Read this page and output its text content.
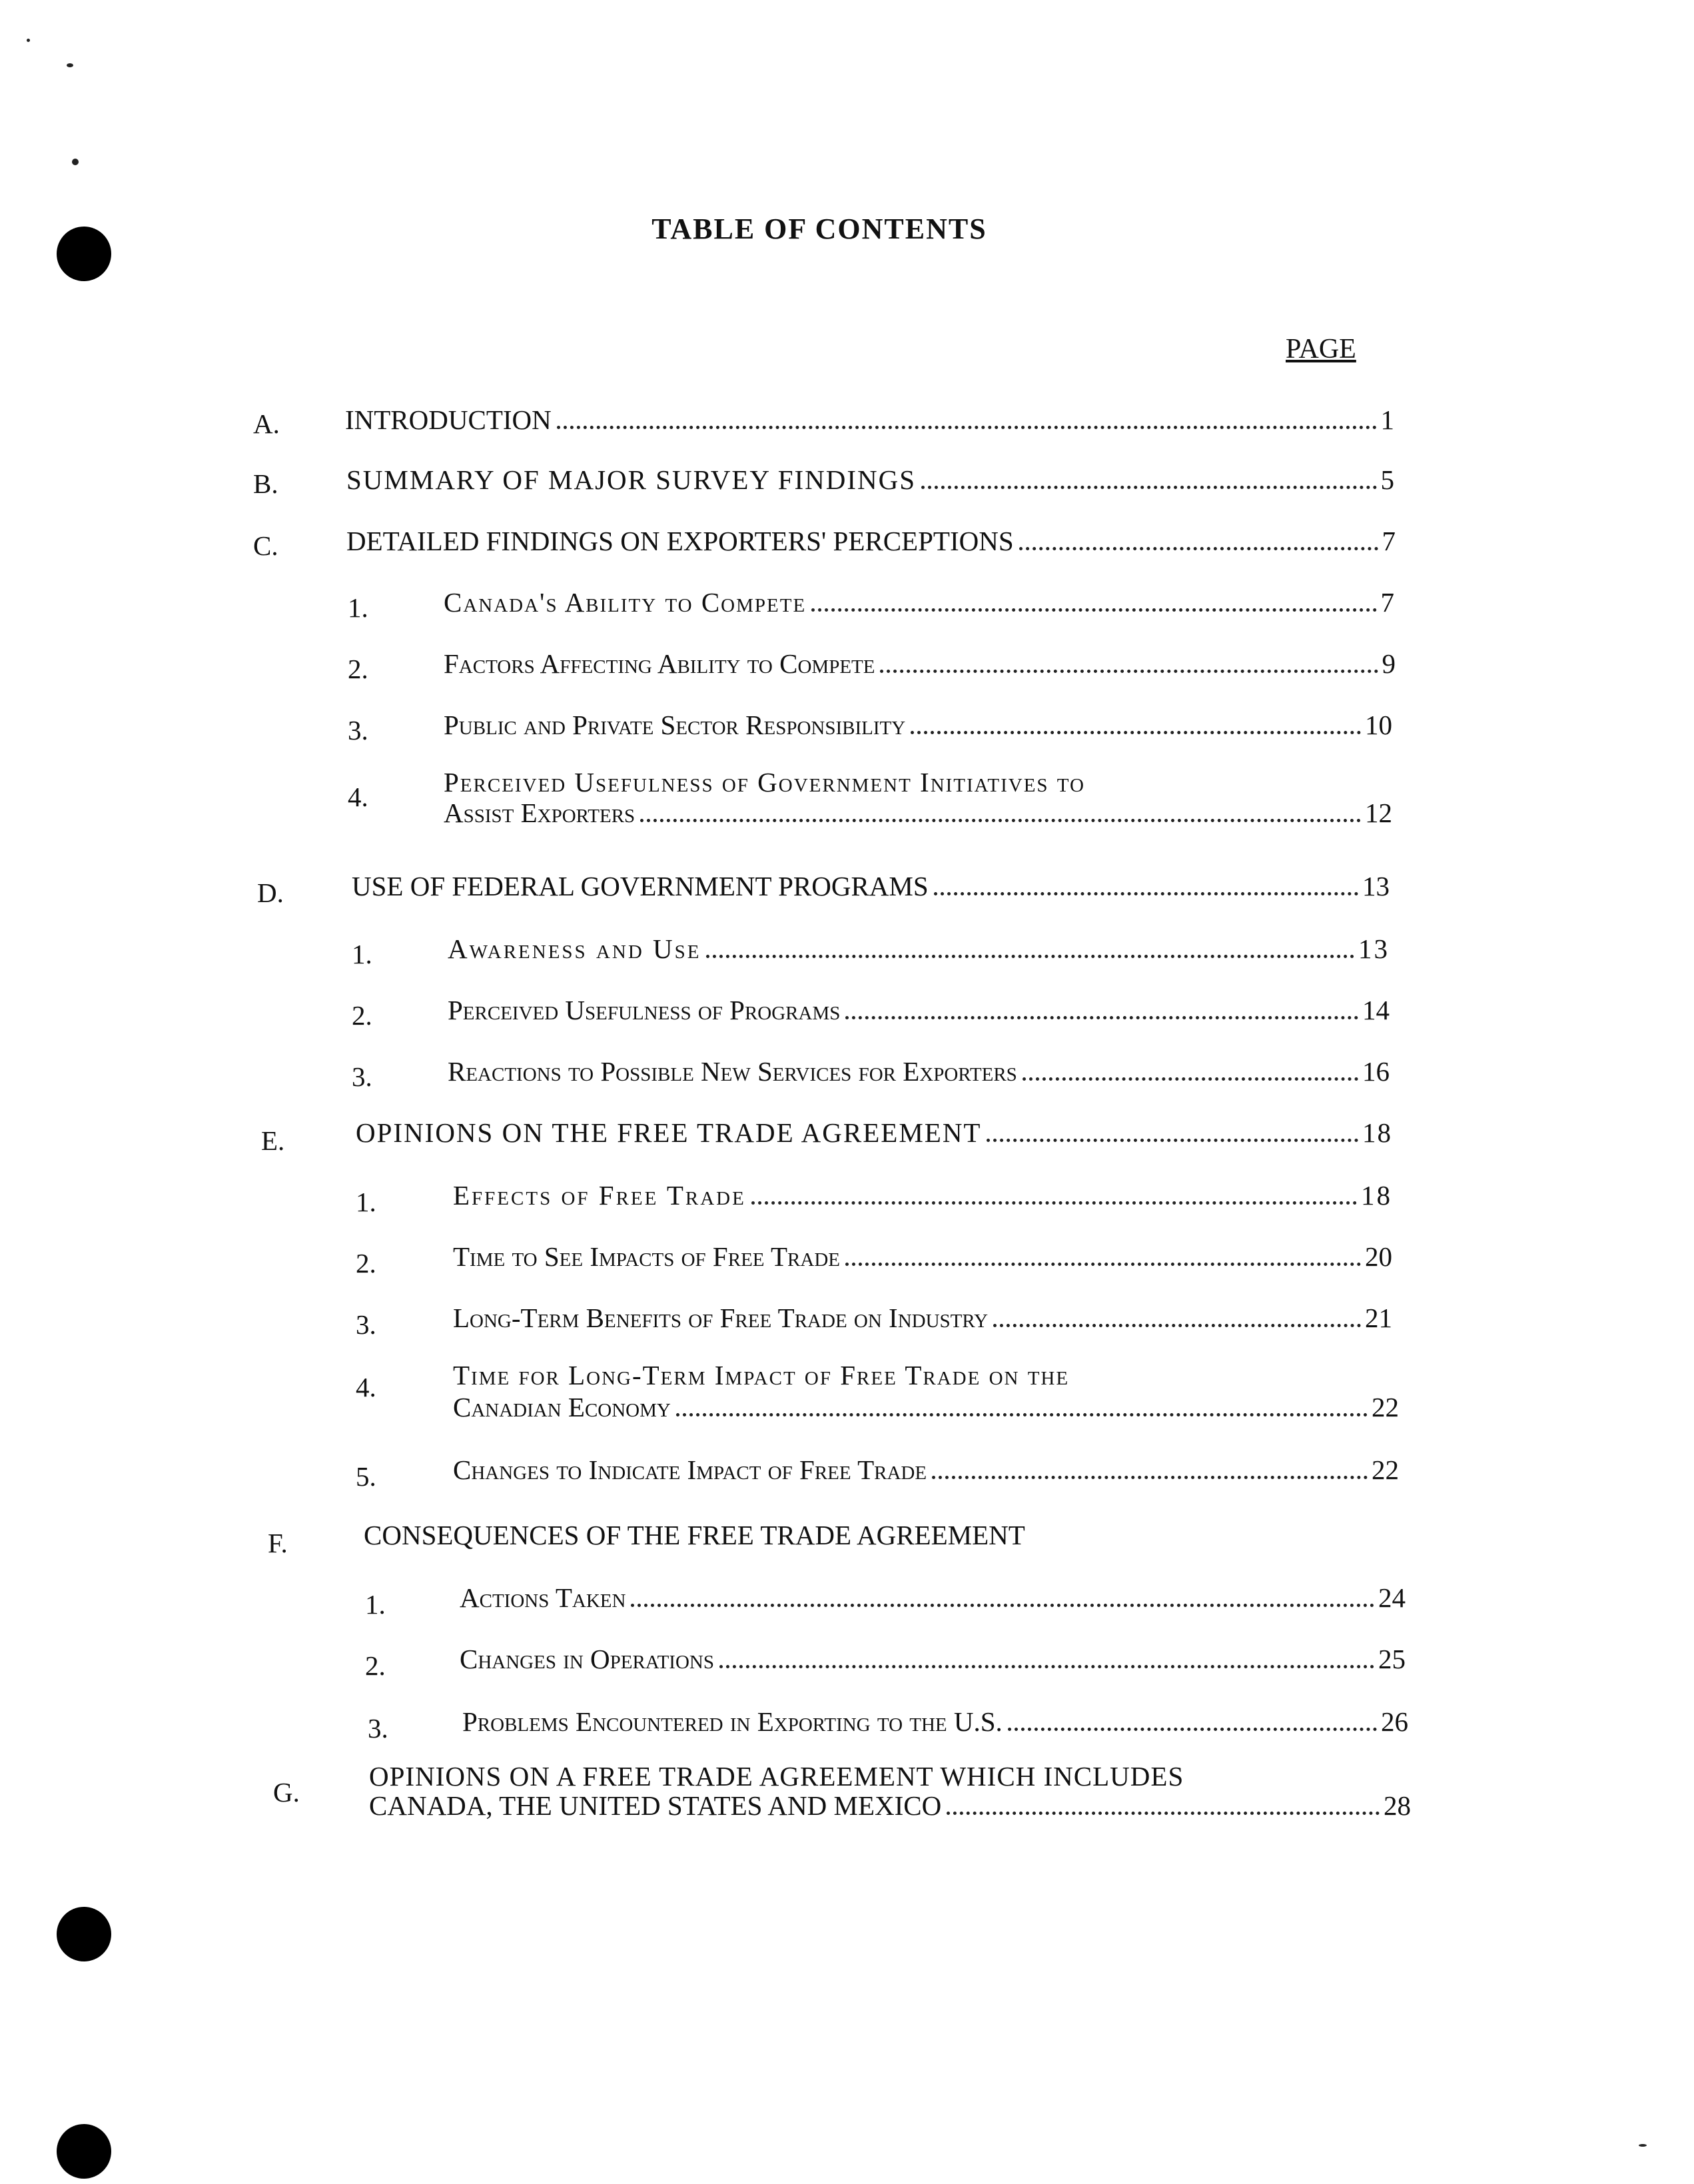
TABLE OF CONTENTS
PAGE
A. INTRODUCTION	1
B. SUMMARY OF MAJOR SURVEY FINDINGS	5
C. DETAILED FINDINGS ON EXPORTERS' PERCEPTIONS	7
1.	Canada's Ability to Compete	7
2.	Factors Affecting Ability to Compete	9
3.	Public and Private Sector Responsibility	10
4.	Perceived Usefulness of Government Initiatives to
Assist Exporters	12
D. USE OF FEDERAL GOVERNMENT PROGRAMS	13
1.	Awareness and Use	13
2.	Perceived Usefulness of Programs	14
3.	Reactions to Possible New Services for Exporters	16
E.	OPINIONS ON THE FREE TRADE AGREEMENT	18
1.	Effects of Free Trade	18
2.	Time to See Impacts of Free Trade	20
3.	Long-Term Benefits of Free Trade on Industry	21
4.	Time for Long-Term Impact of Free Trade on the
Canadian Economy	22
5.	Changes to Indicate Impact of Free Trade	22
F.	CONSEQUENCES OF THE FREE TRADE AGREEMENT
1.	Actions Taken	24
2.	Changes in Operations	25
3.	Problems Encountered in Exporting to the U.S.	26
G.
OPINIONS ON A FREE TRADE AGREEMENT WHICH INCLUDES
CANADA, THE UNITED STATES AND MEXICO	28
